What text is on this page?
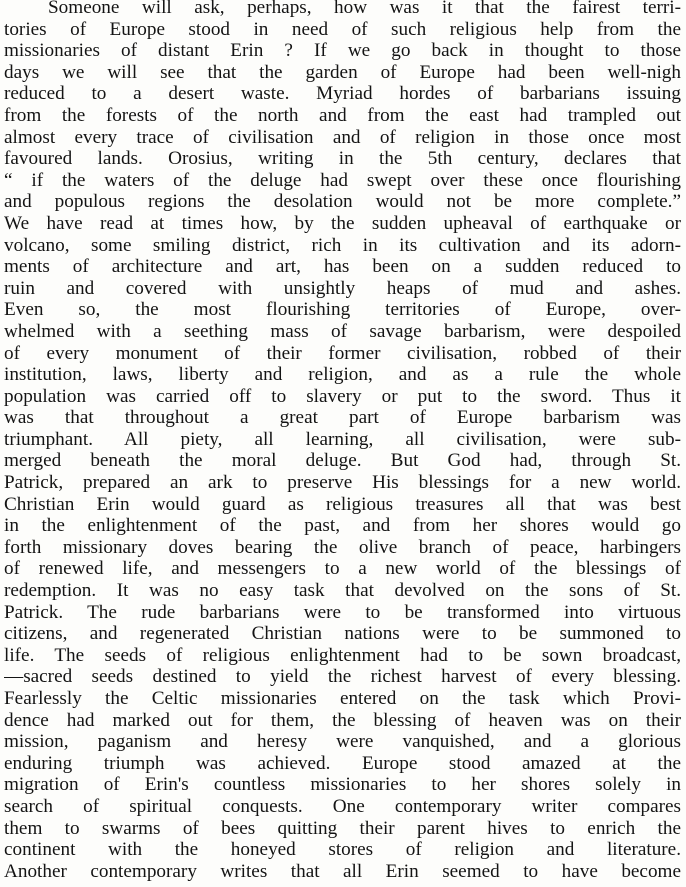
Someone will ask, perhaps, how was it that the fairest terri-
tories of Europe stood in need of such religious help from the
missionaries of distant Erin ? If we go back in thought to those
days we will see that the garden of Europe had been well-nigh
reduced to a desert waste. Myriad hordes of barbarians issuing
from the forests of the north and from the east had trampled out
almost every trace of civilisation and of religion in those once most
favoured lands. Orosius, writing in the 5th century, declares that
“ if the waters of the deluge had swept over these once flourishing
and populous regions the desolation would not be more complete.”
We have read at times how, by the sudden upheaval of earthquake or
volcano, some smiling district, rich in its cultivation and its adorn-
ments of architecture and art, has been on a sudden reduced to
ruin and covered with unsightly heaps of mud and ashes.
Even so, the most flourishing territories of Europe, over-
whelmed with a seething mass of savage barbarism, were despoiled
of every monument of their former civilisation, robbed of their
institution, laws, liberty and religion, and as a rule the whole
population was carried off to slavery or put to the sword. Thus it
was that throughout a great part of Europe barbarism was
triumphant. All piety, all learning, all civilisation, were sub-
merged beneath the moral deluge. But God had, through St.
Patrick, prepared an ark to preserve His blessings for a new world.
Christian Erin would guard as religious treasures all that was best
in the enlightenment of the past, and from her shores would go
forth missionary doves bearing the olive branch of peace, harbingers
of renewed life, and messengers to a new world of the blessings of
redemption. It was no easy task that devolved on the sons of St.
Patrick. The rude barbarians were to be transformed into virtuous
citizens, and regenerated Christian nations were to be summoned to
life. The seeds of religious enlightenment had to be sown broadcast,
—sacred seeds destined to yield the richest harvest of every blessing.
Fearlessly the Celtic missionaries entered on the task which Provi-
dence had marked out for them, the blessing of heaven was on their
mission, paganism and heresy were vanquished, and a glorious
enduring triumph was achieved. Europe stood amazed at the
migration of Erin's countless missionaries to her shores solely in
search of spiritual conquests. One contemporary writer compares
them to swarms of bees quitting their parent hives to enrich the
continent with the honeyed stores of religion and literature.
Another contemporary writes that all Erin seemed to have become
